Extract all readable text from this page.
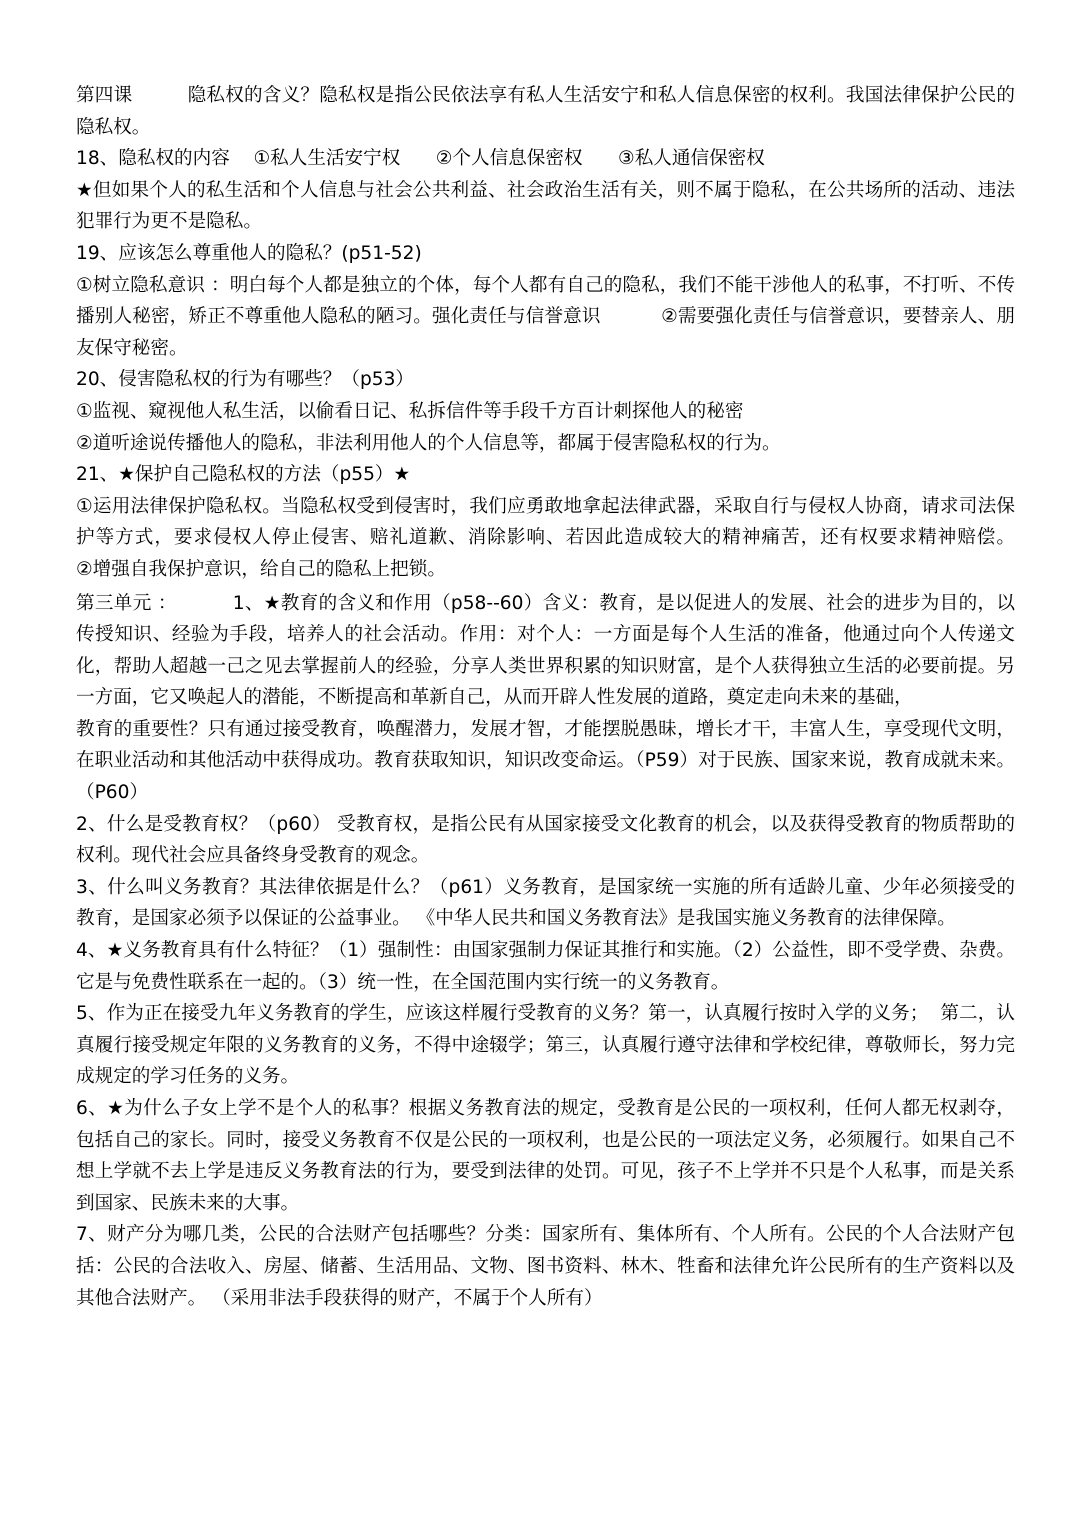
第四课         隐私权的含义？隐私权是指公民依法享有私人生活安宁和私人信息保密的权利。我国法律保护公民的隐私权。
18、隐私权的内容    ①私人生活安宁权      ②个人信息保密权      ③私人通信保密权
★但如果个人的私生活和个人信息与社会公共利益、社会政治生活有关，则不属于隐私，在公共场所的活动、违法犯罪行为更不是隐私。
19、应该怎么尊重他人的隐私？(p51-52)
①树立隐私意识 ：明白每个人都是独立的个体，每个人都有自己的隐私，我们不能干涉他人的私事，不打听、不传播别人秘密，矫正不尊重他人隐私的陋习。强化责任与信誉意识          ②需要强化责任与信誉意识，要替亲人、朋友保守秘密。
20、侵害隐私权的行为有哪些？（p53）
①监视、窥视他人私生活，以偷看日记、私拆信件等手段千方百计刺探他人的秘密
②道听途说传播他人的隐私，非法利用他人的个人信息等，都属于侵害隐私权的行为。
21、★保护自己隐私权的方法（p55）★
①运用法律保护隐私权。当隐私权受到侵害时，我们应勇敢地拿起法律武器，采取自行与侵权人协商，请求司法保护等方式，要求侵权人停止侵害、赔礼道歉、消除影响、若因此造成较大的精神痛苦，还有权要求精神赔偿。          ②增强自我保护意识，给自己的隐私上把锁。
第三单元 ：         1、★教育的含义和作用（p58--60）含义：教育，是以促进人的发展、社会的进步为目的，以传授知识、经验为手段，培养人的社会活动。作用：对个人：一方面是每个人生活的准备，他通过向个人传递文化，帮助人超越一己之见去掌握前人的经验，分享人类世界积累的知识财富，是个人获得独立生活的必要前提。另一方面，它又唤起人的潜能，不断提高和革新自己，从而开辟人性发展的道路，奠定走向未来的基础，
教育的重要性？只有通过接受教育，唤醒潜力，发展才智，才能摆脱愚昧，增长才干，丰富人生，享受现代文明，在职业活动和其他活动中获得成功。教育获取知识，知识改变命运。（P59）对于民族、国家来说，教育成就未来。（P60）
2、什么是受教育权？（p60） 受教育权，是指公民有从国家接受文化教育的机会，以及获得受教育的物质帮助的权利。现代社会应具备终身受教育的观念。
3、什么叫义务教育？其法律依据是什么？（p61）义务教育，是国家统一实施的所有适龄儿童、少年必须接受的教育，是国家必须予以保证的公益事业。 《中华人民共和国义务教育法》是我国实施义务教育的法律保障。
4、★义务教育具有什么特征？（1）强制性：由国家强制力保证其推行和实施。（2）公益性，即不受学费、杂费。它是与免费性联系在一起的。（3）统一性，在全国范围内实行统一的义务教育。
5、作为正在接受九年义务教育的学生，应该这样履行受教育的义务？第一，认真履行按时入学的义务；  第二，认真履行接受规定年限的义务教育的义务，不得中途辍学；第三，认真履行遵守法律和学校纪律，尊敬师长，努力完成规定的学习任务的义务。
6、★为什么子女上学不是个人的私事？根据义务教育法的规定，受教育是公民的一项权利，任何人都无权剥夺，包括自己的家长。同时，接受义务教育不仅是公民的一项权利，也是公民的一项法定义务，必须履行。如果自己不想上学就不去上学是违反义务教育法的行为，要受到法律的处罚。可见，孩子不上学并不只是个人私事，而是关系到国家、民族未来的大事。
7、财产分为哪几类，公民的合法财产包括哪些？分类：国家所有、集体所有、个人所有。公民的个人合法财产包括：公民的合法收入、房屋、储蓄、生活用品、文物、图书资料、林木、牲畜和法律允许公民所有的生产资料以及其他合法财产。 （采用非法手段获得的财产，不属于个人所有）
